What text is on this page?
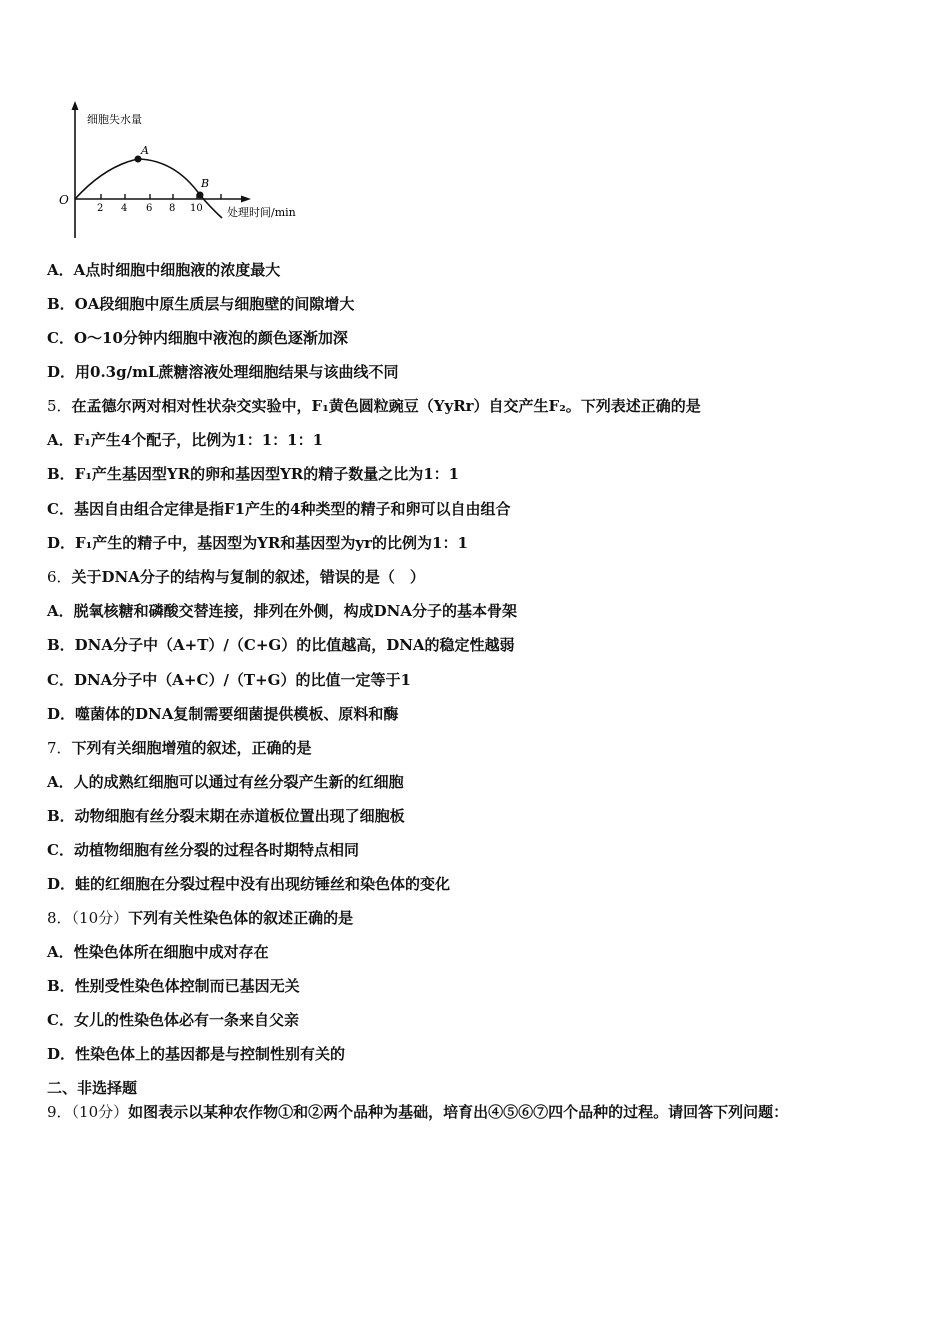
细胞失水量
O
2 4 6 8 10
A
B
处理时间/min
A．A点时细胞中细胞液的浓度最大
B．OA段细胞中原生质层与细胞壁的间隙增大
C．O～10分钟内细胞中液泡的颜色逐渐加深
D．用0.3g/mL蔗糖溶液处理细胞结果与该曲线不同
5．在孟德尔两对相对性状杂交实验中，F₁黄色圆粒豌豆（YyRr）自交产生F₂。下列表述正确的是
A．F₁产生4个配子，比例为1：1：1：1
B．F₁产生基因型YR的卵和基因型YR的精子数量之比为1：1
C．基因自由组合定律是指F1产生的4种类型的精子和卵可以自由组合
D．F₁产生的精子中，基因型为YR和基因型为yr的比例为1：1
6．关于DNA分子的结构与复制的叙述，错误的是（　）
A．脱氧核糖和磷酸交替连接，排列在外侧，构成DNA分子的基本骨架
B．DNA分子中（A+T）/（C+G）的比值越高，DNA的稳定性越弱
C．DNA分子中（A+C）/（T+G）的比值一定等于1
D．噬菌体的DNA复制需要细菌提供模板、原料和酶
7．下列有关细胞增殖的叙述，正确的是
A．人的成熟红细胞可以通过有丝分裂产生新的红细胞
B．动物细胞有丝分裂末期在赤道板位置出现了细胞板
C．动植物细胞有丝分裂的过程各时期特点相同
D．蛙的红细胞在分裂过程中没有出现纺锤丝和染色体的变化
8．（10分）下列有关性染色体的叙述正确的是
A．性染色体所在细胞中成对存在
B．性别受性染色体控制而已基因无关
C．女儿的性染色体必有一条来自父亲
D．性染色体上的基因都是与控制性别有关的
二、非选择题
9．（10分）如图表示以某种农作物①和②两个品种为基础，培育出④⑤⑥⑦四个品种的过程。请回答下列问题：
